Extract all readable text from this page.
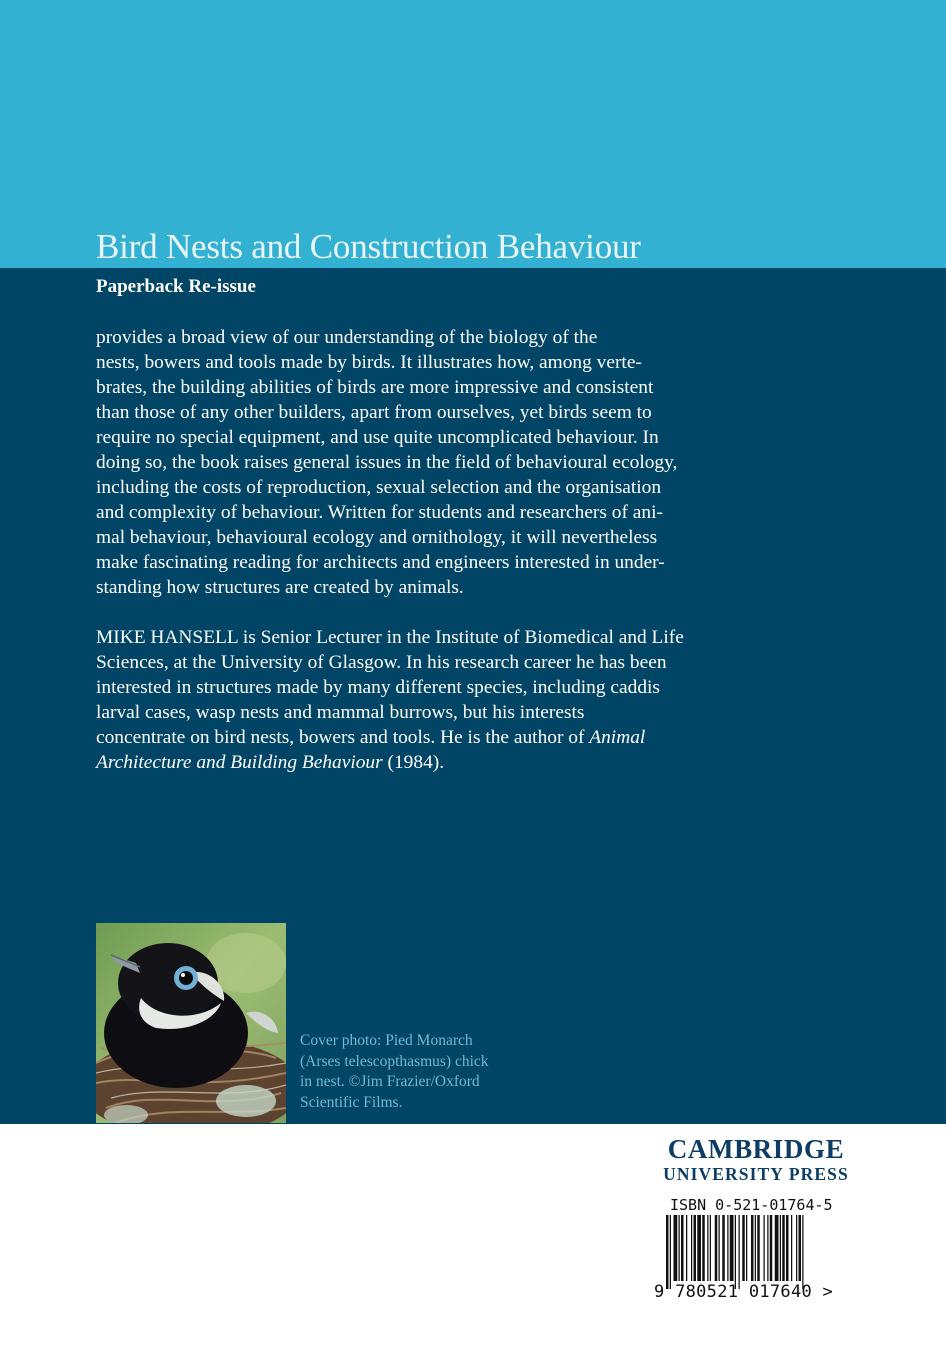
Bird Nests and Construction Behaviour

Paperback Re-issue

provides a broad view of our understanding of the biology of the
nests, bowers and tools made by birds. It illustrates how, among verte-
brates, the building abilities of birds are more impressive and consistent
than those of any other builders, apart from ourselves, yet birds seem to
require no special equipment, and use quite uncomplicated behaviour. In
doing so, the book raises general issues in the field of behavioural ecology,
including the costs of reproduction, sexual selection and the organisation
and complexity of behaviour. Written for students and researchers of ani-
mal behaviour, behavioural ecology and ornithology, it will nevertheless
make fascinating reading for architects and engineers interested in under-
standing how structures are created by animals.
MIKE HANSELL is Senior Lecturer in the Institute of Biomedical and Life
Sciences, at the University of Glasgow. In his research career he has been
interested in structures made by many different species, including caddis
larval cases, wasp nests and mammal burrows, but his interests
concentrate on bird nests, bowers and tools. He is the author of Animal
Architecture and Building Behaviour (1984).
Cover photo: Pied Monarch
(Arses telescopthasmus) chick
in nest. ©Jim Frazier/Oxford
Scientific Films.
CAMBRIDGE
UNIVERSITY PRESS

ISBN 0-521-01764-5

9 780521 017640 >
